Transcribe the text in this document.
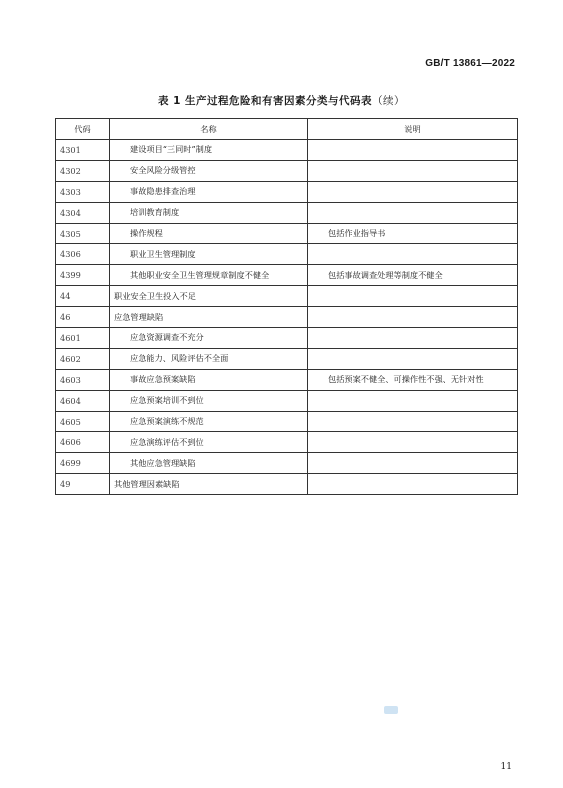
GB/T 13861—2022
表 1 生产过程危险和有害因素分类与代码表（续）
代码	名称	说明
4301	建设项目“三同时”制度	
4302	安全风险分级管控	
4303	事故隐患排查治理	
4304	培训教育制度	
4305	操作规程	包括作业指导书
4306	职业卫生管理制度	
4399	其他职业安全卫生管理规章制度不健全	包括事故调查处理等制度不健全
44	职业安全卫生投入不足	
46	应急管理缺陷	
4601	应急资源调查不充分	
4602	应急能力、风险评估不全面	
4603	事故应急预案缺陷	包括预案不健全、可操作性不强、无针对性
4604	应急预案培训不到位	
4605	应急预案演练不规范	
4606	应急演练评估不到位	
4699	其他应急管理缺陷	
49	其他管理因素缺陷	
11
